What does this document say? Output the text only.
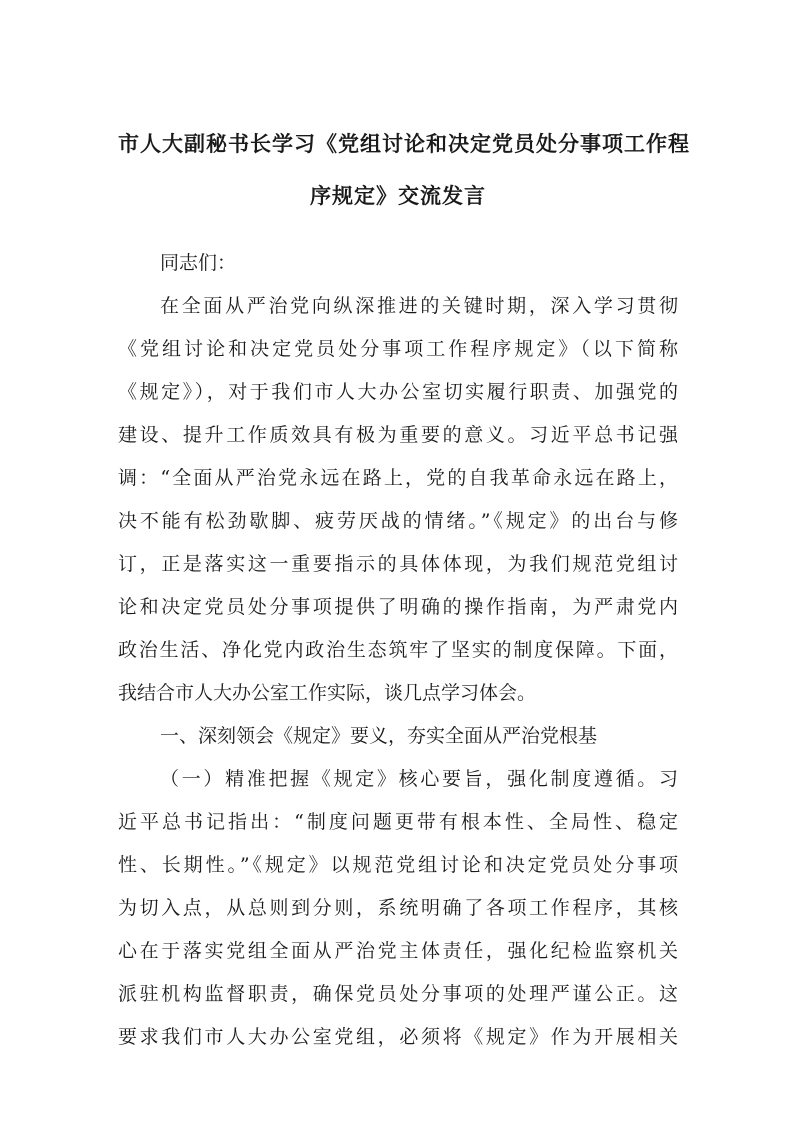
市人大副秘书长学习《党组讨论和决定党员处分事项工作程
序规定》交流发言
同志们：
在全面从严治党向纵深推进的关键时期，深入学习贯彻
《党组讨论和决定党员处分事项工作程序规定》（以下简称
《规定》），对于我们市人大办公室切实履行职责、加强党的
建设、提升工作质效具有极为重要的意义。习近平总书记强
调：“全面从严治党永远在路上，党的自我革命永远在路上，
决不能有松劲歇脚、疲劳厌战的情绪。”《规定》的出台与修
订，正是落实这一重要指示的具体体现，为我们规范党组讨
论和决定党员处分事项提供了明确的操作指南，为严肃党内
政治生活、净化党内政治生态筑牢了坚实的制度保障。下面，
我结合市人大办公室工作实际，谈几点学习体会。
一、深刻领会《规定》要义，夯实全面从严治党根基
（一）精准把握《规定》核心要旨，强化制度遵循。习
近平总书记指出：“制度问题更带有根本性、全局性、稳定
性、长期性。”《规定》以规范党组讨论和决定党员处分事项
为切入点，从总则到分则，系统明确了各项工作程序，其核
心在于落实党组全面从严治党主体责任，强化纪检监察机关
派驻机构监督职责，确保党员处分事项的处理严谨公正。这
要求我们市人大办公室党组，必须将《规定》作为开展相关
